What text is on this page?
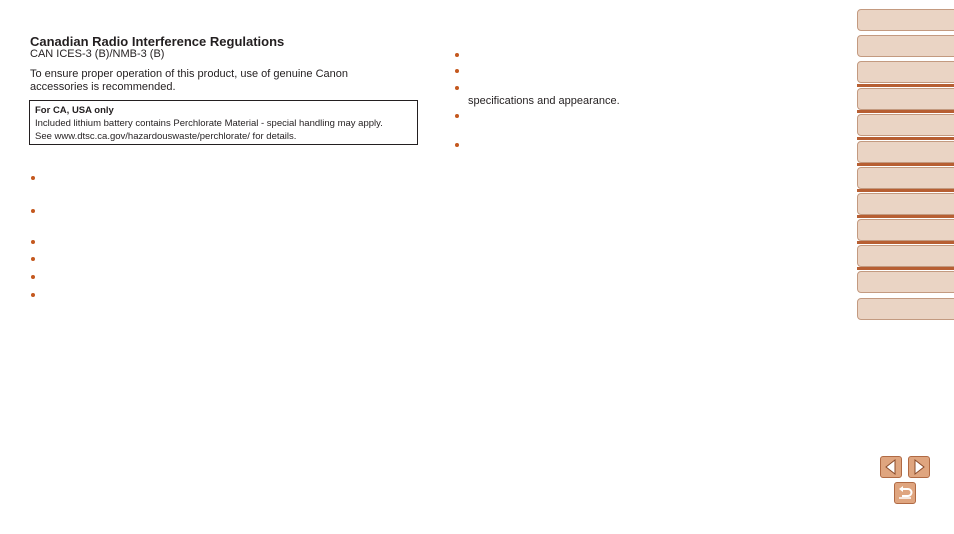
Canadian Radio Interference Regulations

CAN ICES-3 (B)/NMB-3 (B)

To ensure proper operation of this product, use of genuine Canon

accessories is recommended.

For CA, USA only
Included lithium battery contains Perchlorate Material - special handling may apply.
See www.dtsc.ca.gov/hazardouswaste/perchlorate/ for details.
specifications and appearance.
